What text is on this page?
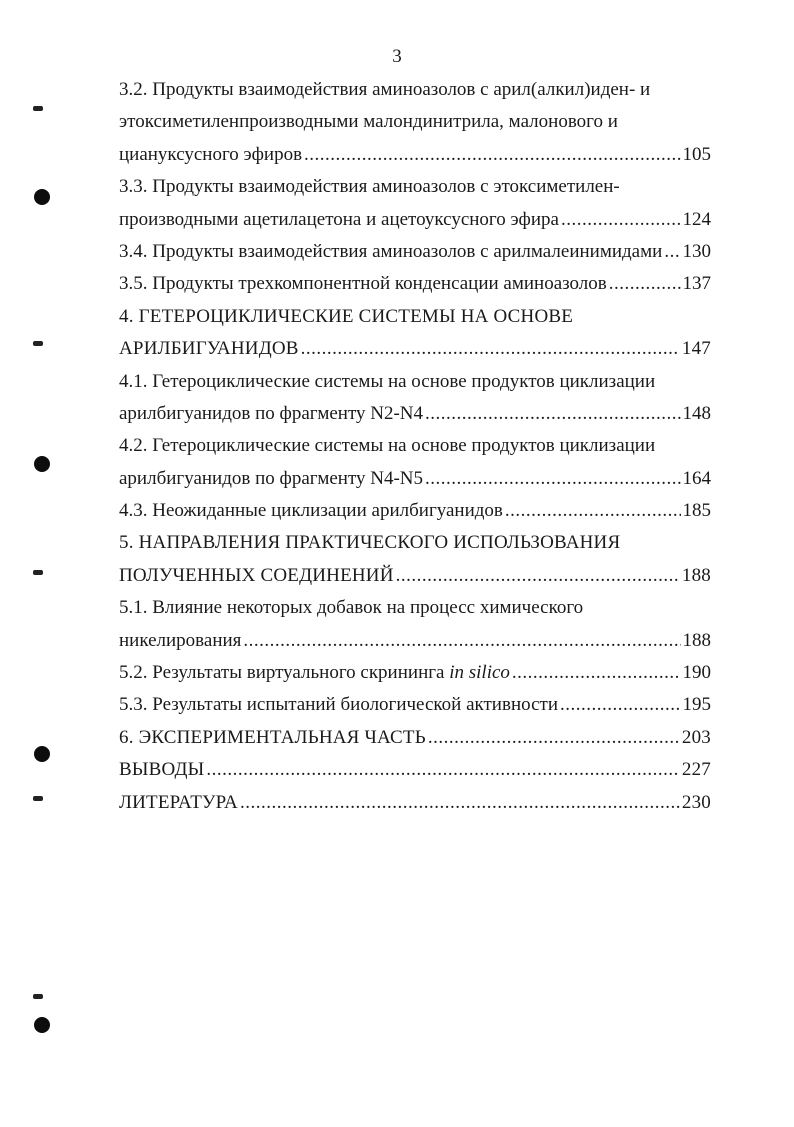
3
3.2. Продукты взаимодействия аминоазолов с арил(алкил)иден- и
этоксиметиленпроизводными малондинитрила, малонового и
циануксусного эфиров .....	105
3.3. Продукты взаимодействия аминоазолов с этоксиметилен-
производными ацетилацетона и ацетоуксусного эфира .....	124
3.4. Продукты взаимодействия аминоазолов с арилмалеинимидами ..... 130
3.5. Продукты трехкомпонентной конденсации аминоазолов .....	137
4. ГЕТЕРОЦИКЛИЧЕСКИЕ СИСТЕМЫ НА ОСНОВЕ
АРИЛБИГУАНИДОВ .....	147
4.1. Гетероциклические системы на основе продуктов циклизации
арилбигуанидов по фрагменту N2-N4 .....	148
4.2. Гетероциклические системы на основе продуктов циклизации
арилбигуанидов по фрагменту N4-N5 .....	164
4.3. Неожиданные циклизации арилбигуанидов .....	185
5. НАПРАВЛЕНИЯ ПРАКТИЧЕСКОГО ИСПОЛЬЗОВАНИЯ
ПОЛУЧЕННЫХ СОЕДИНЕНИЙ .....	188
5.1. Влияние некоторых добавок на процесс химического
никелирования .....	188
5.2. Результаты виртуального скрининга in silico .....	190
5.3. Результаты испытаний биологической активности .....	195
6. ЭКСПЕРИМЕНТАЛЬНАЯ ЧАСТЬ .....	203
ВЫВОДЫ .....	227
ЛИТЕРАТУРА .....	230
